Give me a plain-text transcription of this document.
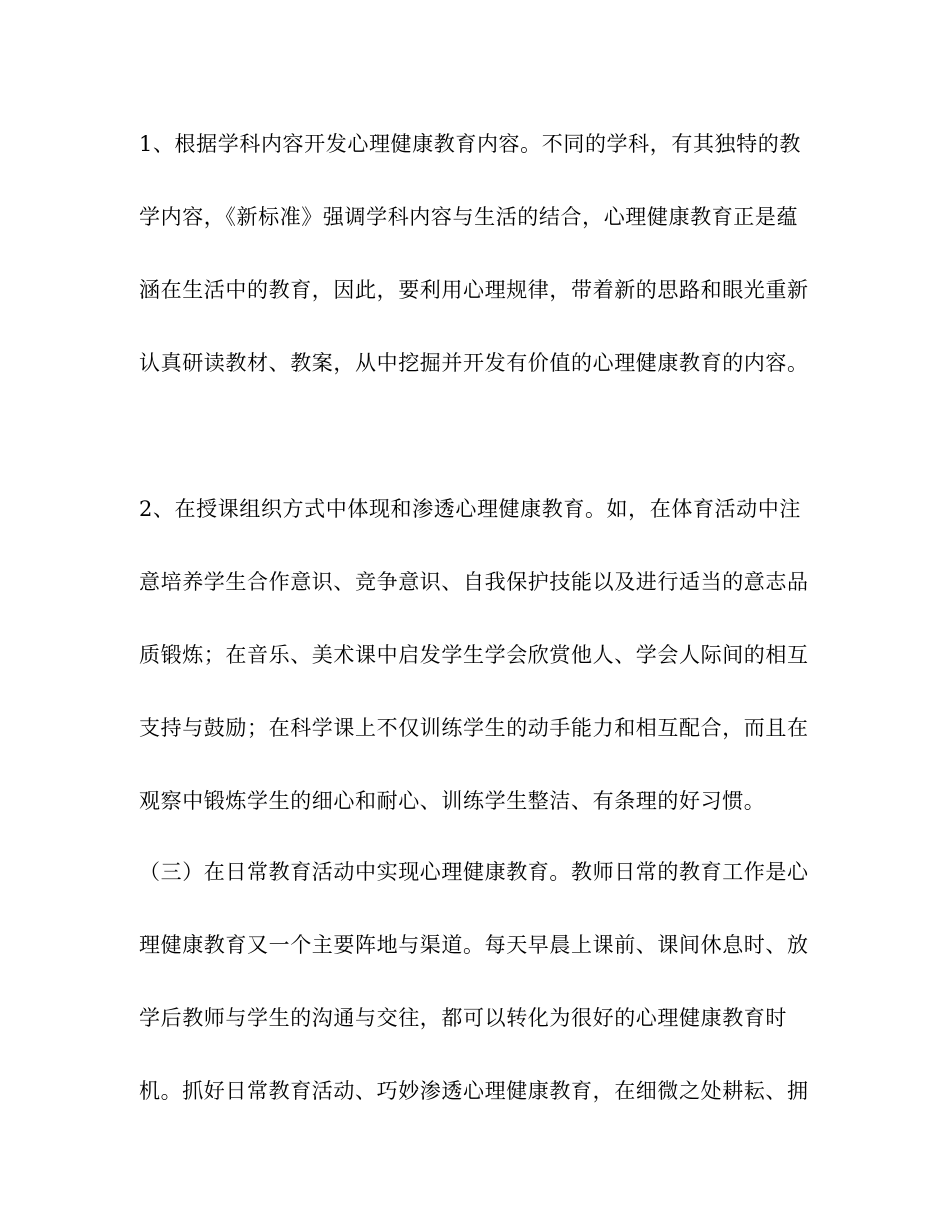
1、根据学科内容开发心理健康教育内容。不同的学科，有其独特的教
学内容，《新标准》强调学科内容与生活的结合，心理健康教育正是蕴
涵在生活中的教育，因此，要利用心理规律，带着新的思路和眼光重新
认真研读教材、教案，从中挖掘并开发有价值的心理健康教育的内容。
2、在授课组织方式中体现和渗透心理健康教育。如，在体育活动中注
意培养学生合作意识、竞争意识、自我保护技能以及进行适当的意志品
质锻炼；在音乐、美术课中启发学生学会欣赏他人、学会人际间的相互
支持与鼓励；在科学课上不仅训练学生的动手能力和相互配合，而且在
观察中锻炼学生的细心和耐心、训练学生整洁、有条理的好习惯。
（三）在日常教育活动中实现心理健康教育。教师日常的教育工作是心
理健康教育又一个主要阵地与渠道。每天早晨上课前、课间休息时、放
学后教师与学生的沟通与交往，都可以转化为很好的心理健康教育时
机。抓好日常教育活动、巧妙渗透心理健康教育，在细微之处耕耘、拥
